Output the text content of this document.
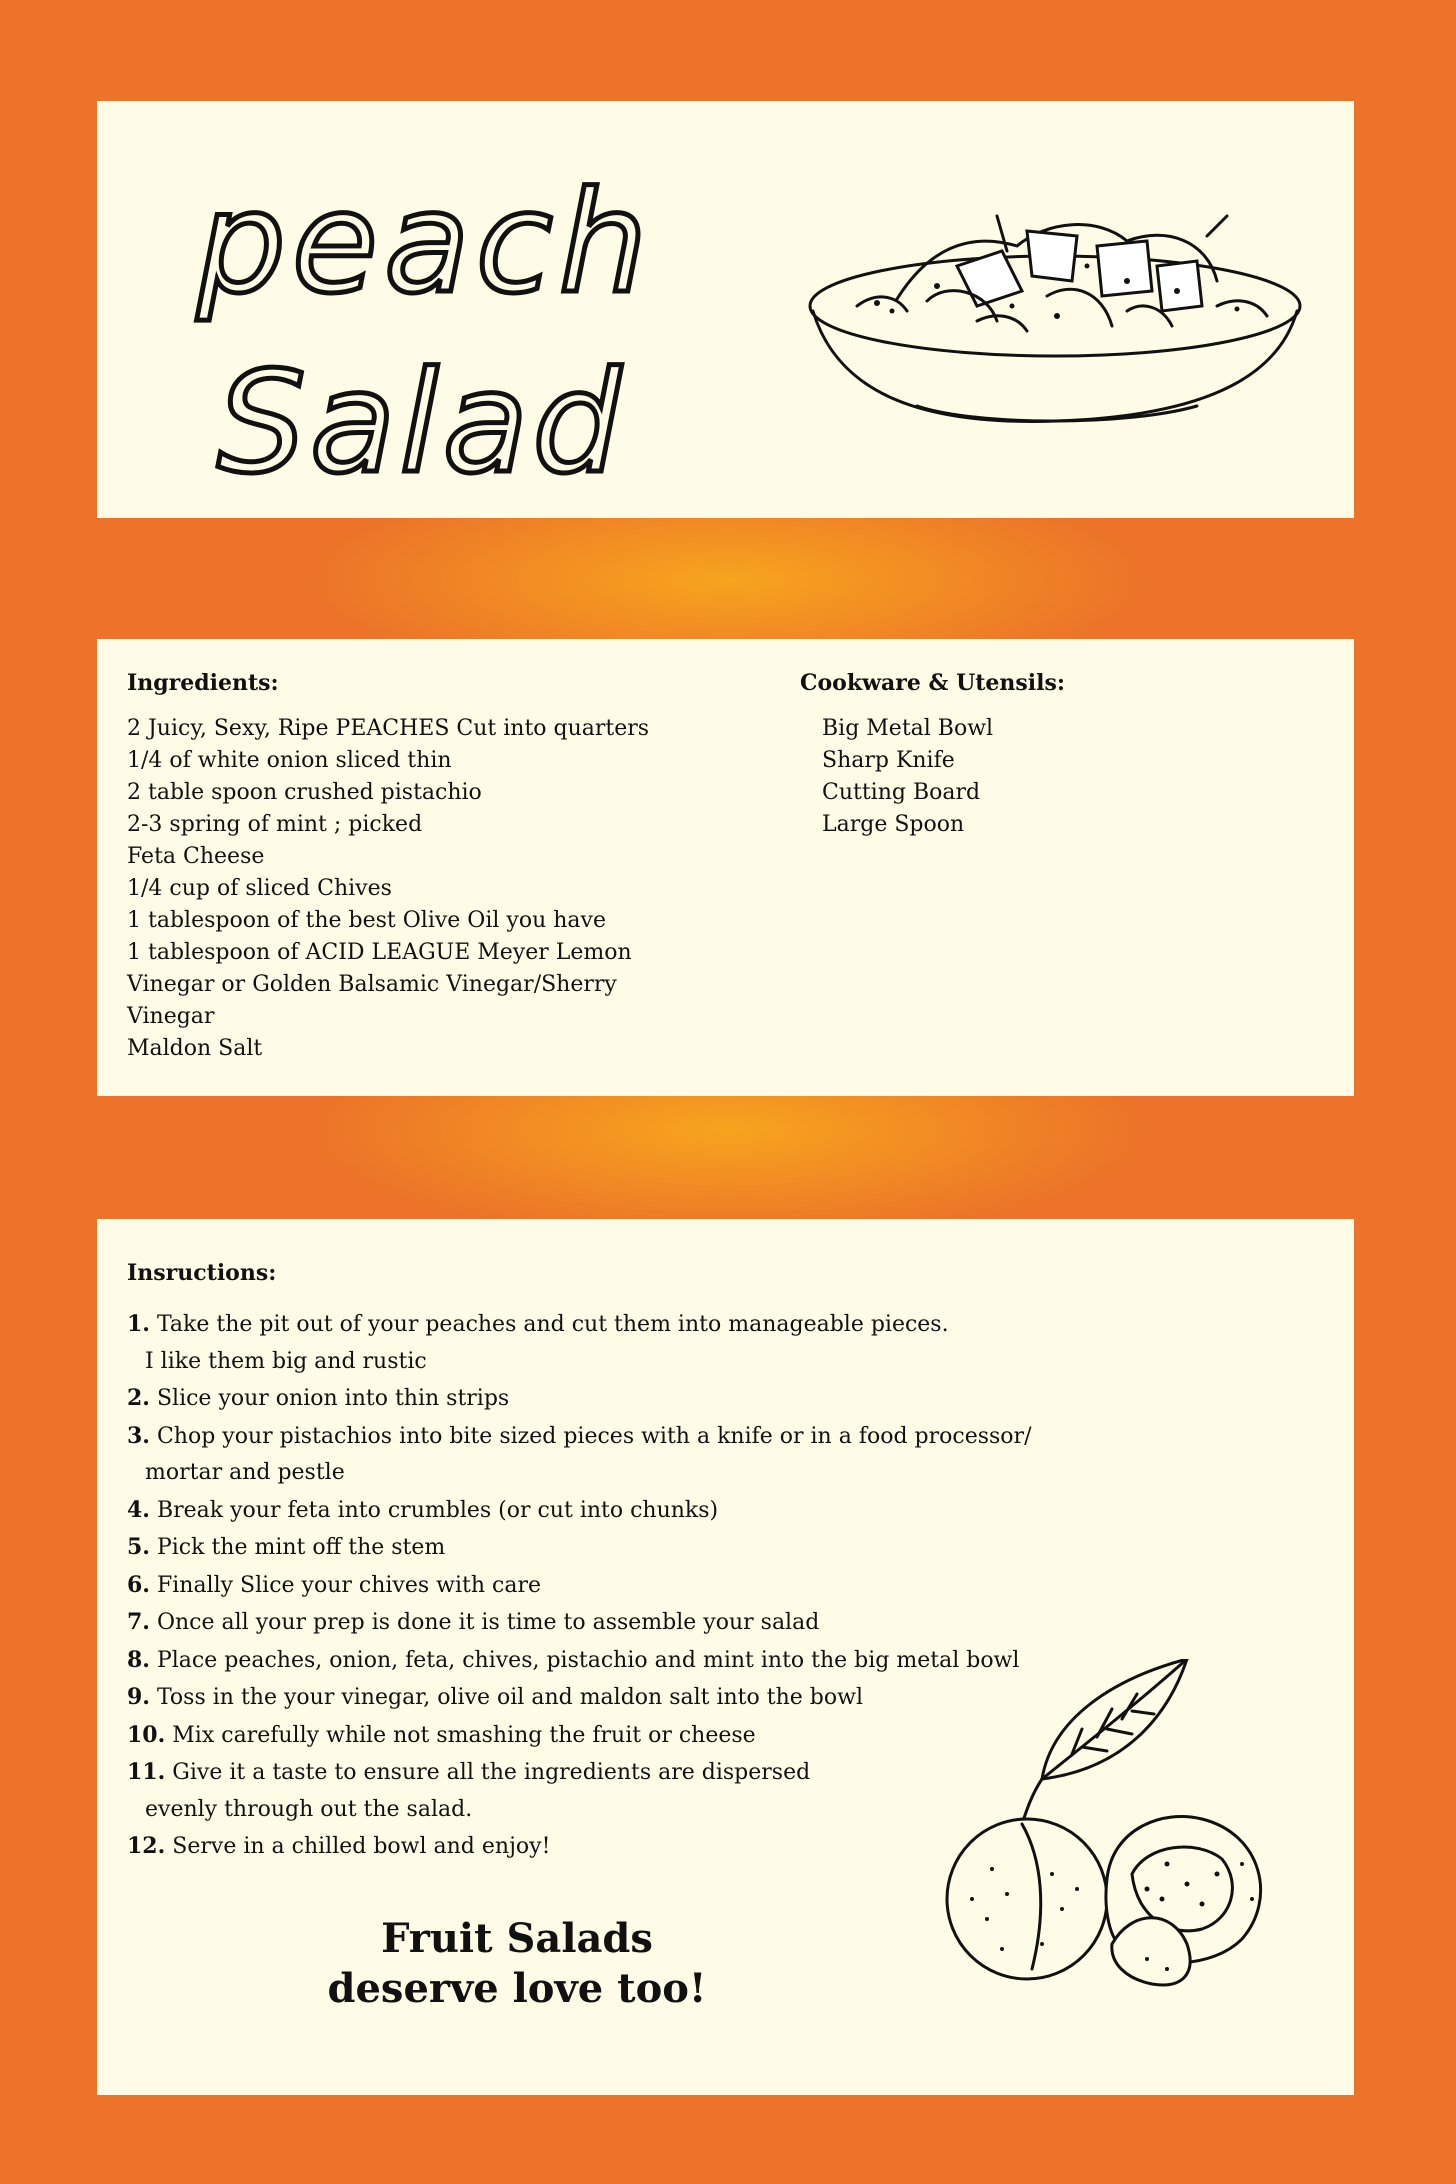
peach
Salad
Ingredients:
2 Juicy, Sexy, Ripe PEACHES Cut into quarters
1/4 of white onion sliced thin
2 table spoon crushed pistachio
2-3 spring of mint ; picked
Feta Cheese
1/4 cup of sliced Chives
1 tablespoon of the best Olive Oil you have
1 tablespoon of ACID LEAGUE Meyer Lemon
Vinegar or Golden Balsamic Vinegar/Sherry
Vinegar
Maldon Salt
Cookware & Utensils:
Big Metal Bowl
Sharp Knife
Cutting Board
Large Spoon
Insructions:
1. Take the pit out of your peaches and cut them into manageable pieces.
I like them big and rustic
2. Slice your onion into thin strips
3. Chop your pistachios into bite sized pieces with a knife or in a food processor/
mortar and pestle
4. Break your feta into crumbles (or cut into chunks)
5. Pick the mint off the stem
6. Finally Slice your chives with care
7. Once all your prep is done it is time to assemble your salad
8. Place peaches, onion, feta, chives, pistachio and mint into the big metal bowl
9. Toss in the your vinegar, olive oil and maldon salt into the bowl
10. Mix carefully while not smashing the fruit or cheese
11. Give it a taste to ensure all the ingredients are dispersed
evenly through out the salad.
12. Serve in a chilled bowl and enjoy!
Fruit Salads
deserve love too!
